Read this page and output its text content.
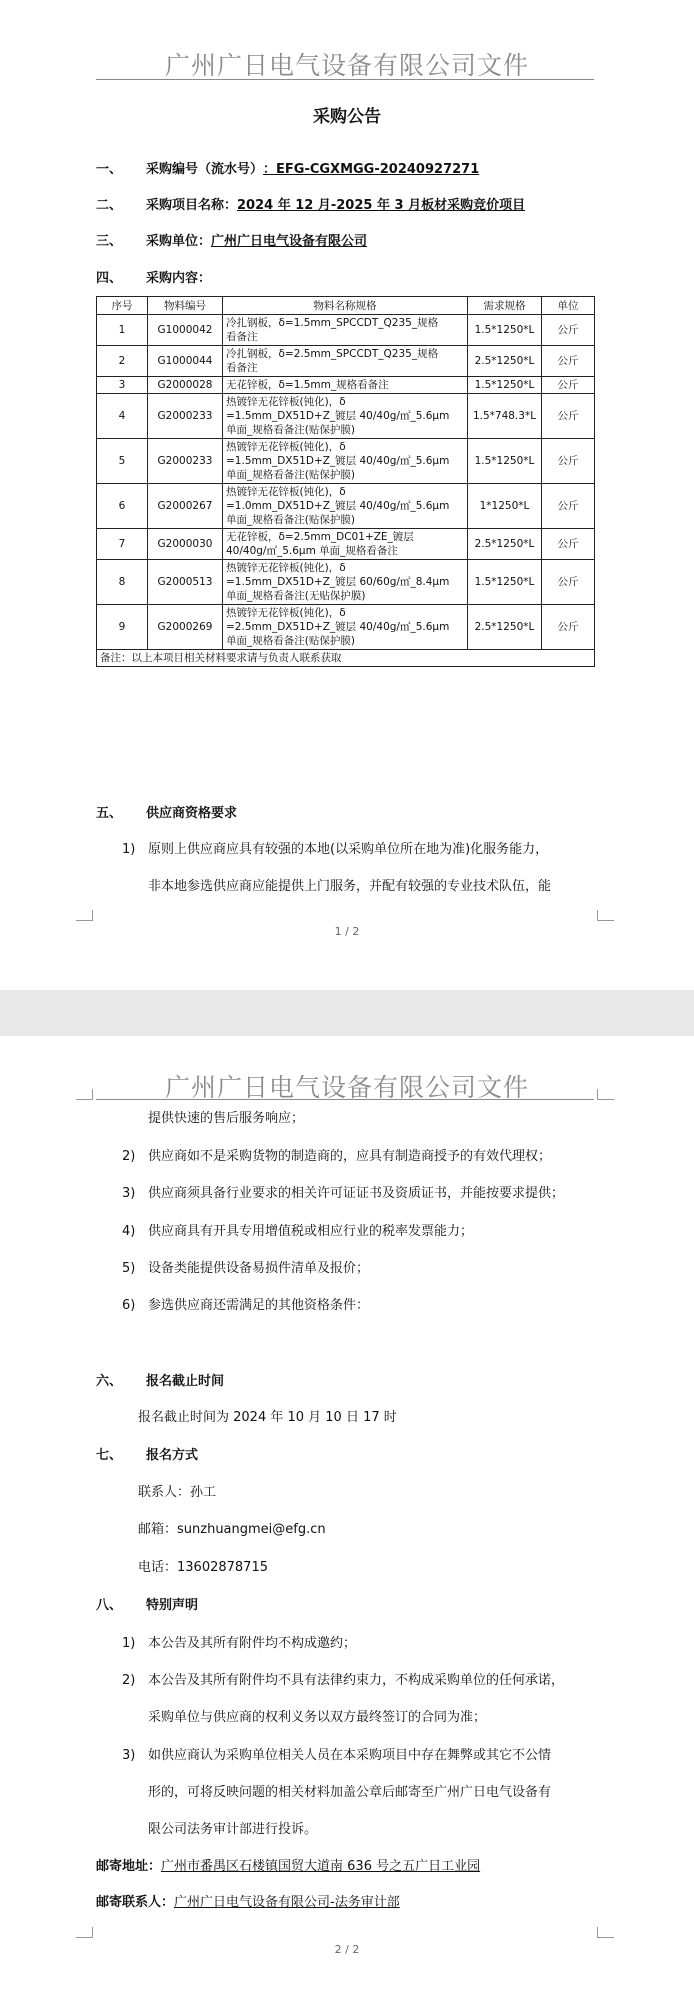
广州广日电气设备有限公司文件
采购公告
一、 采购编号（流水号）：EFG-CGXMGG-20240927271
二、 采购项目名称：2024 年 12 月-2025 年 3 月板材采购竞价项目
三、 采购单位：广州广日电气设备有限公司
四、 采购内容：
序号	物料编号	物料名称规格	需求规格	单位
1	G1000042	冷扎钢板，δ=1.5mm_SPCCDT_Q235_规格
看备注	1.5*1250*L	公斤
2	G1000044	冷扎钢板，δ=2.5mm_SPCCDT_Q235_规格
看备注	2.5*1250*L	公斤
3	G2000028	无花锌板，δ=1.5mm_规格看备注	1.5*1250*L	公斤
4	G2000233	热镀锌无花锌板(钝化)，δ
=1.5mm_DX51D+Z_镀层 40/40g/㎡_5.6μm
单面_规格看备注(贴保护膜)	1.5*748.3*L	公斤
5	G2000233	热镀锌无花锌板(钝化)，δ
=1.5mm_DX51D+Z_镀层 40/40g/㎡_5.6μm
单面_规格看备注(贴保护膜)	1.5*1250*L	公斤
6	G2000267	热镀锌无花锌板(钝化)，δ
=1.0mm_DX51D+Z_镀层 40/40g/㎡_5.6μm
单面_规格看备注(贴保护膜)	1*1250*L	公斤
7	G2000030	无花锌板，δ=2.5mm_DC01+ZE_镀层
40/40g/㎡_5.6μm 单面_规格看备注	2.5*1250*L	公斤
8	G2000513	热镀锌无花锌板(钝化)，δ
=1.5mm_DX51D+Z_镀层 60/60g/㎡_8.4μm
单面_规格看备注(无贴保护膜)	1.5*1250*L	公斤
9	G2000269	热镀锌无花锌板(钝化)，δ
=2.5mm_DX51D+Z_镀层 40/40g/㎡_5.6μm
单面_规格看备注(贴保护膜)	2.5*1250*L	公斤
备注：以上本项目相关材料要求请与负责人联系获取				
五、 供应商资格要求
1) 原则上供应商应具有较强的本地(以采购单位所在地为准)化服务能力，
非本地参选供应商应能提供上门服务，并配有较强的专业技术队伍，能
1 / 2
广州广日电气设备有限公司文件
提供快速的售后服务响应；
2) 供应商如不是采购货物的制造商的，应具有制造商授予的有效代理权；
3) 供应商须具备行业要求的相关许可证证书及资质证书，并能按要求提供；
4) 供应商具有开具专用增值税或相应行业的税率发票能力；
5) 设备类能提供设备易损件清单及报价；
6) 参选供应商还需满足的其他资格条件：
六、 报名截止时间
报名截止时间为 2024 年 10 月 10 日 17 时
七、 报名方式
联系人：孙工
邮箱：sunzhuangmei@efg.cn
电话：13602878715
八、 特别声明
1) 本公告及其所有附件均不构成邀约；
2) 本公告及其所有附件均不具有法律约束力，不构成采购单位的任何承诺，
采购单位与供应商的权利义务以双方最终签订的合同为准；
3) 如供应商认为采购单位相关人员在本采购项目中存在舞弊或其它不公情
形的，可将反映问题的相关材料加盖公章后邮寄至广州广日电气设备有
限公司法务审计部进行投诉。
邮寄地址：广州市番禺区石楼镇国贸大道南 636 号之五广日工业园
邮寄联系人：广州广日电气设备有限公司-法务审计部
2 / 2
